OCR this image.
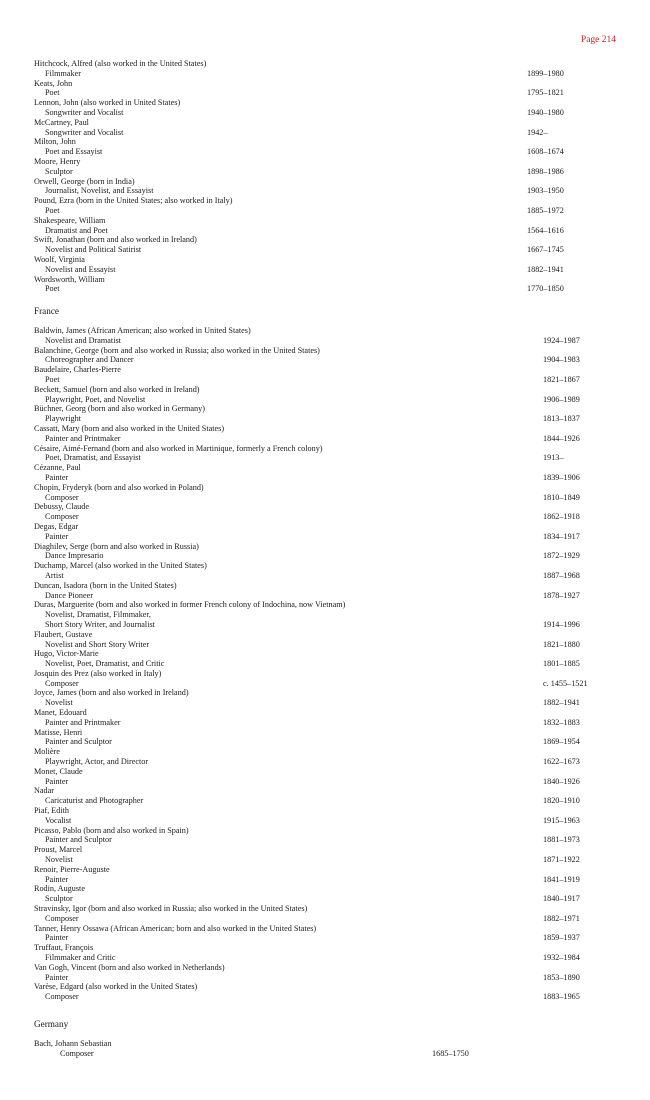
Page 214
Hitchcock, Alfred (also worked in the United States)
Filmmaker	1899–1980
Keats, John
Poet	1795–1821
Lennon, John (also worked in United States)
Songwriter and Vocalist	1940–1980
McCartney, Paul
Songwriter and Vocalist	1942–
Milton, John
Poet and Essayist	1608–1674
Moore, Henry
Sculptor	1898–1986
Orwell, George (born in India)
Journalist, Novelist, and Essayist	1903–1950
Pound, Ezra (born in the United States; also worked in Italy)
Poet	1885–1972
Shakespeare, William
Dramatist and Poet	1564–1616
Swift, Jonathan (born and also worked in Ireland)
Novelist and Political Satirist	1667–1745
Woolf, Virginia
Novelist and Essayist	1882–1941
Wordsworth, William
Poet	1770–1850
France
Baldwin, James (African American; also worked in United States)
Novelist and Dramatist	1924–1987
Balanchine, George (born and also worked in Russia; also worked in the United States)
Choreographer and Dancer	1904–1983
Baudelaire, Charles-Pierre
Poet	1821–1867
Beckett, Samuel (born and also worked in Ireland)
Playwright, Poet, and Novelist	1906–1989
Büchner, Georg (born and also worked in Germany)
Playwright	1813–1837
Cassatt, Mary (born and also worked in the United States)
Painter and Printmaker	1844–1926
Césaire, Aimé-Fernand (born and also worked in Martinique, formerly a French colony)
Poet, Dramatist, and Essayist	1913–
Cézanne, Paul
Painter	1839–1906
Chopin, Fryderyk (born and also worked in Poland)
Composer	1810–1849
Debussy, Claude
Composer	1862–1918
Degas, Edgar
Painter	1834–1917
Diaghilev, Serge (born and also worked in Russia)
Dance Impresario	1872–1929
Duchamp, Marcel (also worked in the United States)
Artist	1887–1968
Duncan, Isadora (born in the United States)
Dance Pioneer	1878–1927
Duras, Marguerite (born and also worked in former French colony of Indochina, now Vietnam)
Novelist, Dramatist, Filmmaker,
Short Story Writer, and Journalist	1914–1996
Flaubert, Gustave
Novelist and Short Story Writer	1821–1880
Hugo, Victor-Marie
Novelist, Poet, Dramatist, and Critic	1801–1885
Josquin des Prez (also worked in Italy)
Composer	c. 1455–1521
Joyce, James (born and also worked in Ireland)
Novelist	1882–1941
Manet, Edouard
Painter and Printmaker	1832–1883
Matisse, Henri
Painter and Sculptor	1869–1954
Molière
Playwright, Actor, and Director	1622–1673
Monet, Claude
Painter	1840–1926
Nadar
Caricaturist and Photographer	1820–1910
Piaf, Edith
Vocalist	1915–1963
Picasso, Pablo (born and also worked in Spain)
Painter and Sculptor	1881–1973
Proust, Marcel
Novelist	1871–1922
Renoir, Pierre-Auguste
Painter	1841–1919
Rodin, Auguste
Sculptor	1840–1917
Stravinsky, Igor (born and also worked in Russia; also worked in the United States)
Composer	1882–1971
Tanner, Henry Ossawa (African American; born and also worked in the United States)
Painter	1859–1937
Truffaut, François
Filmmaker and Critic	1932–1984
Van Gogh, Vincent (born and also worked in Netherlands)
Painter	1853–1890
Varèse, Edgard (also worked in the United States)
Composer	1883–1965
Germany
Bach, Johann Sebastian
Composer	1685–1750
